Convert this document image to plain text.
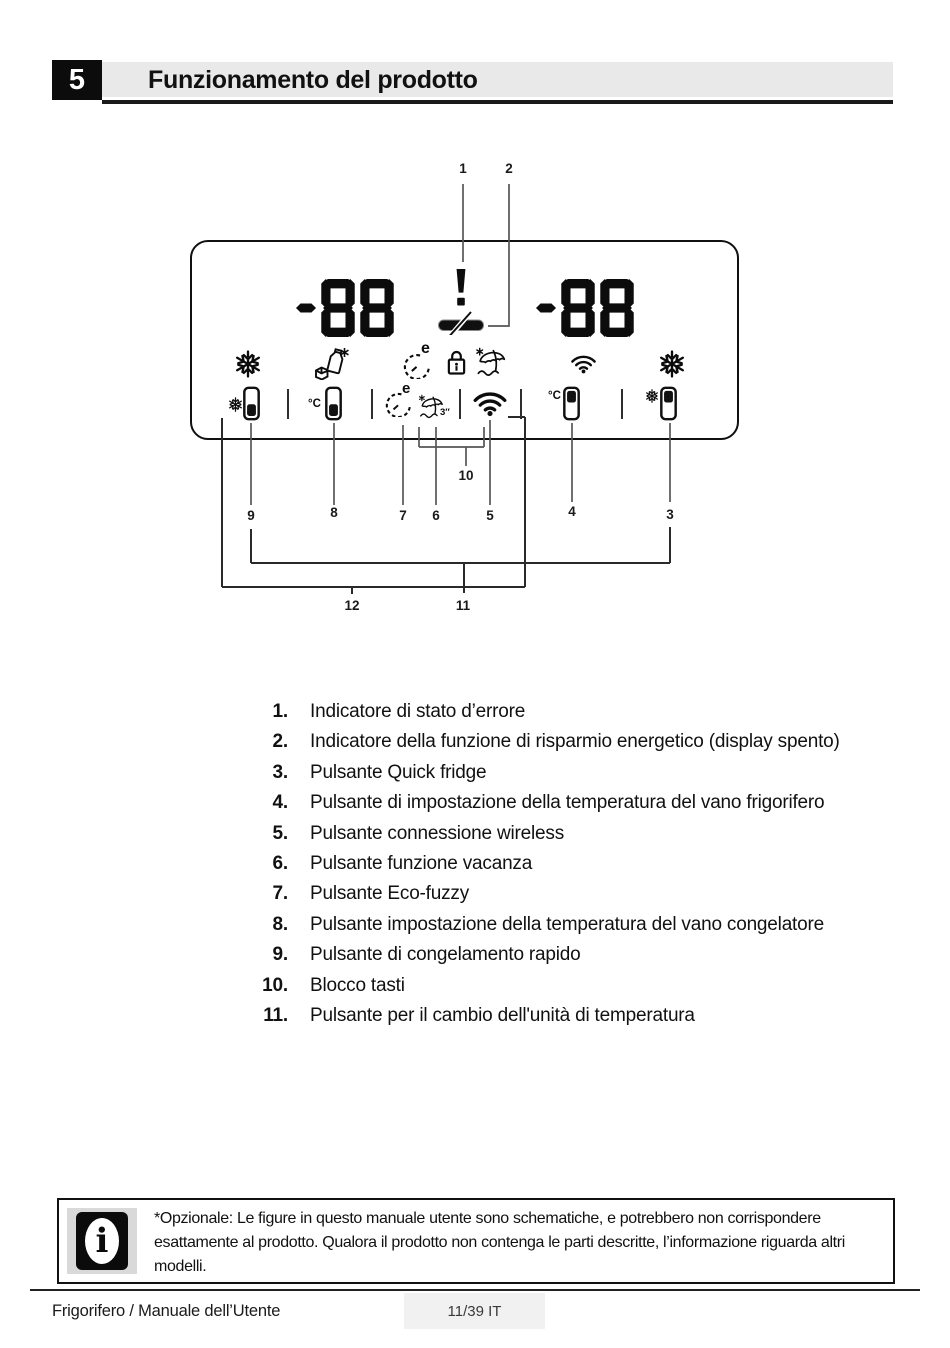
5	Funzionamento del prodotto
1	2
9	8	7 6	5	4	3
10
11
12
e
°C
e
3″
°C
1. Indicatore di stato d’errore
2. Indicatore della funzione di risparmio energetico (display spento)
3. Pulsante Quick fridge
4. Pulsante di impostazione della temperatura del vano frigorifero
5. Pulsante connessione wireless
6. Pulsante funzione vacanza
7. Pulsante Eco-fuzzy
8. Pulsante impostazione della temperatura del vano congelatore
9. Pulsante di congelamento rapido
10. Blocco tasti
11. Pulsante per il cambio dell'unità di temperatura
i
*Opzionale: Le figure in questo manuale utente sono schematiche, e potrebbero non corrispondere
esattamente al prodotto. Qualora il prodotto non contenga le parti descritte, l’informazione riguarda altri
modelli.
Frigorifero / Manuale dell’Utente	11/39 IT
